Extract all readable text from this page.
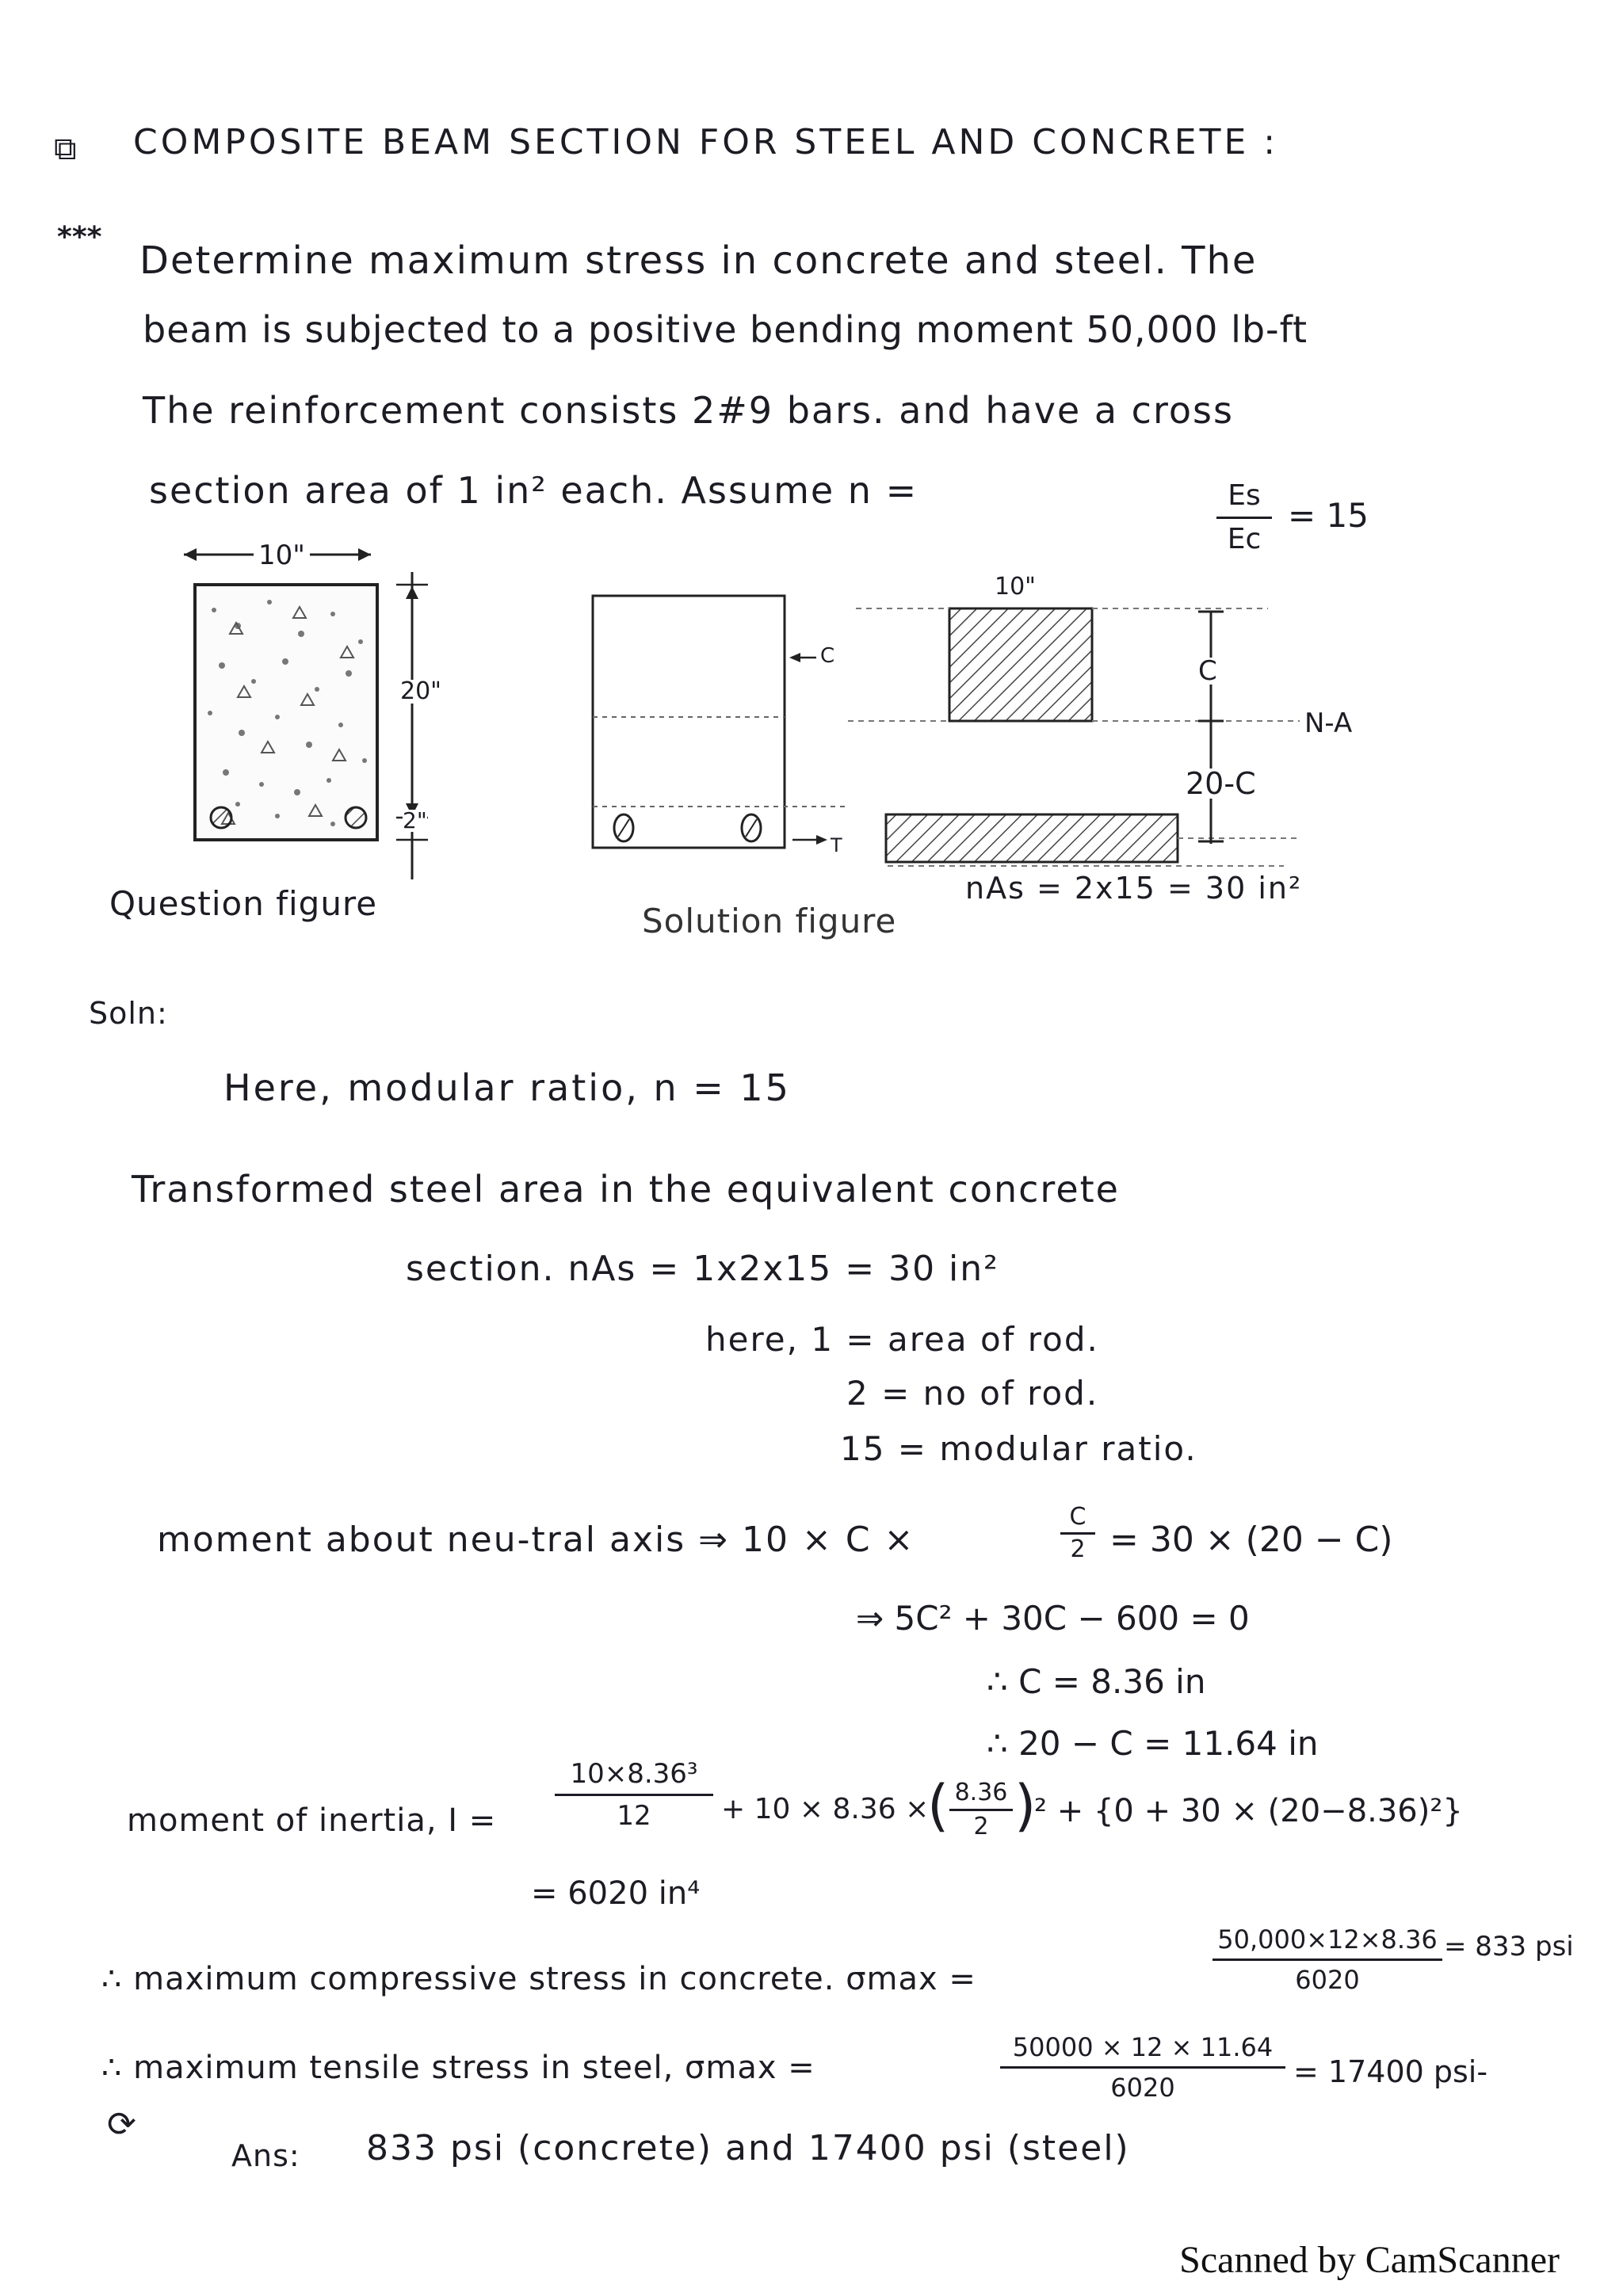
⧉ COMPOSITE BEAM SECTION FOR STEEL AND CONCRETE :
***
Determine maximum stress in concrete and steel. The
beam is subjected to a positive bending moment 50,000 lb-ft
The reinforcement consists 2#9 bars. and have a cross
section area of 1 in² each. Assume n =	Es
Ec
= 15
10"
20"
2"
Question figure
C
T
10"
C
N-A
20-C
nAs = 2x15 = 30 in²
Solution figure
Soln:
Here, modular ratio, n = 15
Transformed steel area in the equivalent concrete
section. nAs = 1x2x15 = 30 in²
here, 1 = area of rod.
2 = no of rod.
15 = modular ratio.
moment about neu-tral axis ⇒ 10 × C ×
C
2 = 30 × (20 − C)
⇒ 5C² + 30C − 600 = 0
∴ C = 8.36 in
∴ 20 − C = 11.64 in
moment of inertia, I =
10×8.36³
12	+ 10 × 8.36 ×
( 8.36
2 )
² + {0 + 30 × (20−8.36)²}
= 6020 in⁴
∴ maximum compressive stress in concrete. σmax =
50,000×12×8.36
6020
= 833 psi
∴ maximum tensile stress in steel, σmax =
50000 × 12 × 11.64
6020	= 17400 psi-
⟳
Ans: 833 psi (concrete) and 17400 psi (steel)
Scanned by CamScanner
